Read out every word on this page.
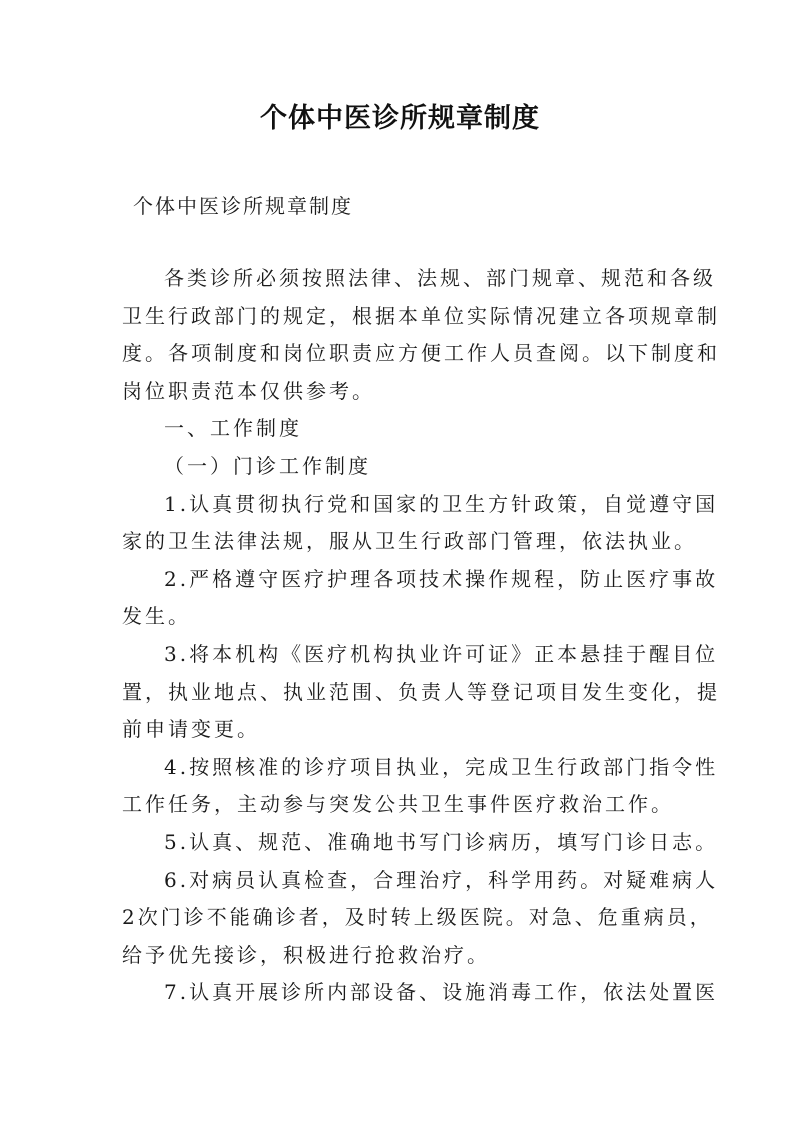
个体中医诊所规章制度
个体中医诊所规章制度
各类诊所必须按照法律、法规、部门规章、规范和各级
卫生行政部门的规定，根据本单位实际情况建立各项规章制
度。各项制度和岗位职责应方便工作人员查阅。以下制度和
岗位职责范本仅供参考。
一、工作制度
（一）门诊工作制度
1.认真贯彻执行党和国家的卫生方针政策，自觉遵守国
家的卫生法律法规，服从卫生行政部门管理，依法执业。
2.严格遵守医疗护理各项技术操作规程，防止医疗事故
发生。
3.将本机构《医疗机构执业许可证》正本悬挂于醒目位
置，执业地点、执业范围、负责人等登记项目发生变化，提
前申请变更。
4.按照核准的诊疗项目执业，完成卫生行政部门指令性
工作任务，主动参与突发公共卫生事件医疗救治工作。
5.认真、规范、准确地书写门诊病历，填写门诊日志。
6.对病员认真检查，合理治疗，科学用药。对疑难病人
2次门诊不能确诊者，及时转上级医院。对急、危重病员，
给予优先接诊，积极进行抢救治疗。
7.认真开展诊所内部设备、设施消毒工作，依法处置医
